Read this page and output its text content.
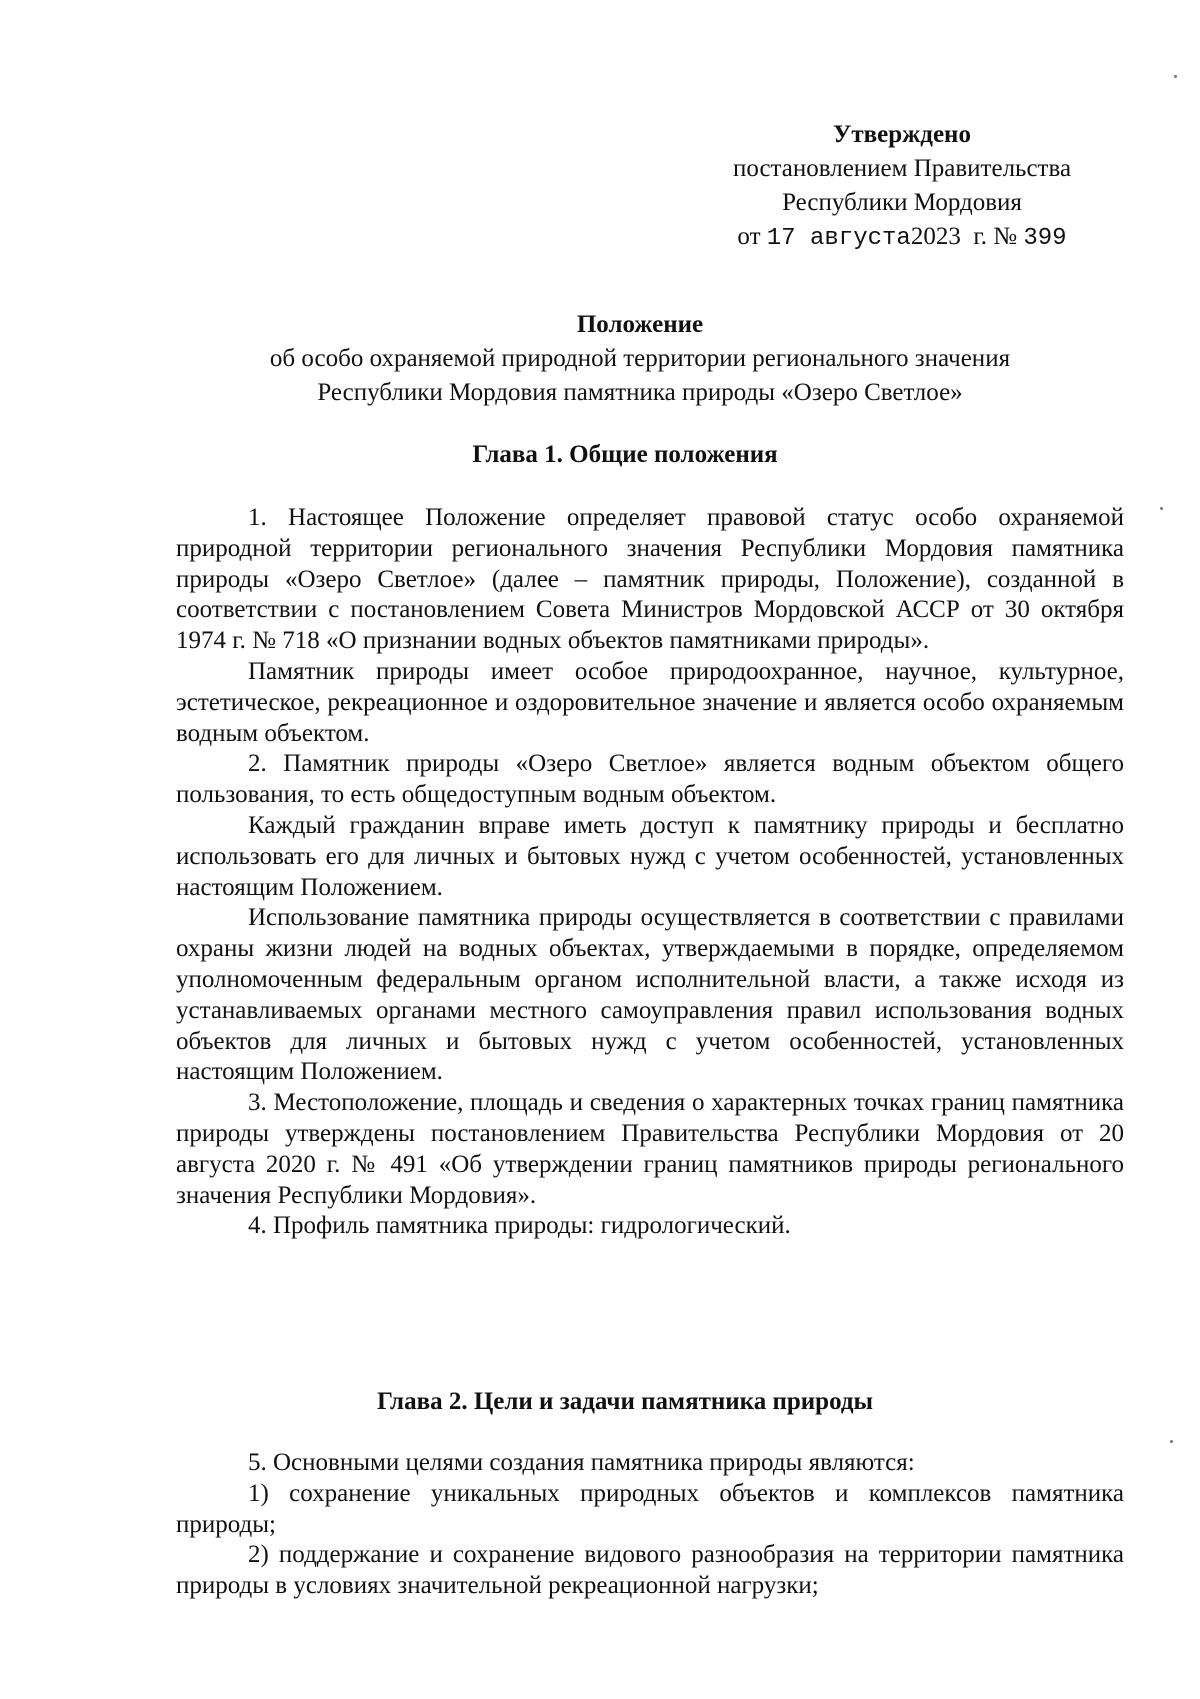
Утверждено
постановлением Правительства
Республики Мордовия
от 17 августа2023 г. № 399
Положение
об особо охраняемой природной территории регионального значения
Республики Мордовия памятника природы «Озеро Светлое»
Глава 1. Общие положения

1. Настоящее Положение определяет правовой статус особо охраняемой природной территории регионального значения Республики Мордовия памятника природы «Озеро Светлое» (далее – памятник природы, Положение), созданной в соответствии с постановлением Совета Министров Мордовской АССР от 30 октября 1974 г. № 718 «О признании водных объектов памятниками природы».

Памятник природы имеет особое природоохранное, научное, культурное, эстетическое, рекреационное и оздоровительное значение и является особо охраняемым водным объектом.

2. Памятник природы «Озеро Светлое» является водным объектом общего пользования, то есть общедоступным водным объектом.

Каждый гражданин вправе иметь доступ к памятнику природы и бесплатно использовать его для личных и бытовых нужд с учетом особенностей, установленных настоящим Положением.

Использование памятника природы осуществляется в соответствии с правилами охраны жизни людей на водных объектах, утверждаемыми в порядке, определяемом уполномоченным федеральным органом исполнительной власти, а также исходя из устанавливаемых органами местного самоуправления правил использования водных объектов для личных и бытовых нужд с учетом особенностей, установленных настоящим Положением.

3. Местоположение, площадь и сведения о характерных точках границ памятника природы утверждены постановлением Правительства Республики Мордовия от 20 августа 2020 г. № 491 «Об утверждении границ памятников природы регионального значения Республики Мордовия».

4. Профиль памятника природы: гидрологический.

Глава 2. Цели и задачи памятника природы

5. Основными целями создания памятника природы являются:

1) сохранение уникальных природных объектов и комплексов памятника природы;

2) поддержание и сохранение видового разнообразия на территории памятника природы в условиях значительной рекреационной нагрузки;
